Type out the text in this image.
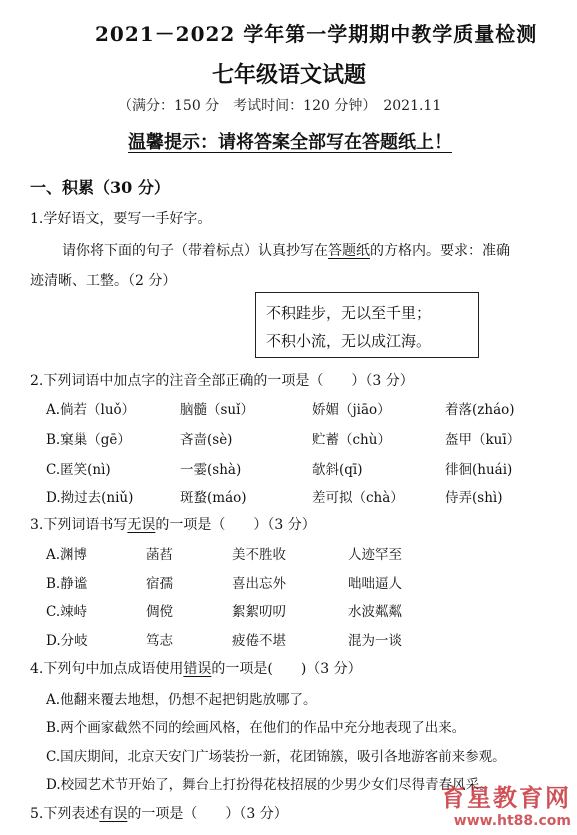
2021－2022 学年第一学期期中教学质量检测
七年级语文试题
（满分：150 分　考试时间：120 分钟）　2021.11
温馨提示：请将答案全部写在答题纸上！
一、积累（30 分）
1.学好语文，要写一手好字。
请你将下面的句子（带着标点）认真抄写在答题纸的方格内。要求：准确
迹清晰、工整。（2 分）
不积跬步，无以至千里；
不积小流，无以成江海。
2.下列词语中加点字的注音全部正确的一项是（　　）（3 分）
A.倘若（luǒ）	脑髓（suǐ）	娇媚（jiāo）	着落(zháo)
B.窠巢（gē）	吝啬(sè)	贮蓄（chù）	盔甲（kuī）
C.匿笑(nì)	一霎(shà)	欹斜(qī)	徘徊(huái)
D.拗过去(niǔ)	斑蝥(máo)	差可拟（chà）	侍弄(shì)
3.下列词语书写无误的一项是（　　）（3 分）
A.渊博	菡萏	美不胜收	人迹罕至
B.静谧	宿孺	喜出忘外	咄咄逼人
C.竦峙	倜傥	絮絮叨叨	水波粼粼
D.分岐	笃志	疲倦不堪	混为一谈
4.下列句中加点成语使用错误的一项是(　　)（3 分）
A.他翻来覆去地想，仍想不起把钥匙放哪了。
B.两个画家截然不同的绘画风格，在他们的作品中充分地表现了出来。
C.国庆期间，北京天安门广场装扮一新，花团锦簇，吸引各地游客前来参观。
D.校园艺术节开始了，舞台上打扮得花枝招展的少男少女们尽得青春风采。
5.下列表述有误的一项是（　　）（3 分）
育星教育网
www.ht88.com
